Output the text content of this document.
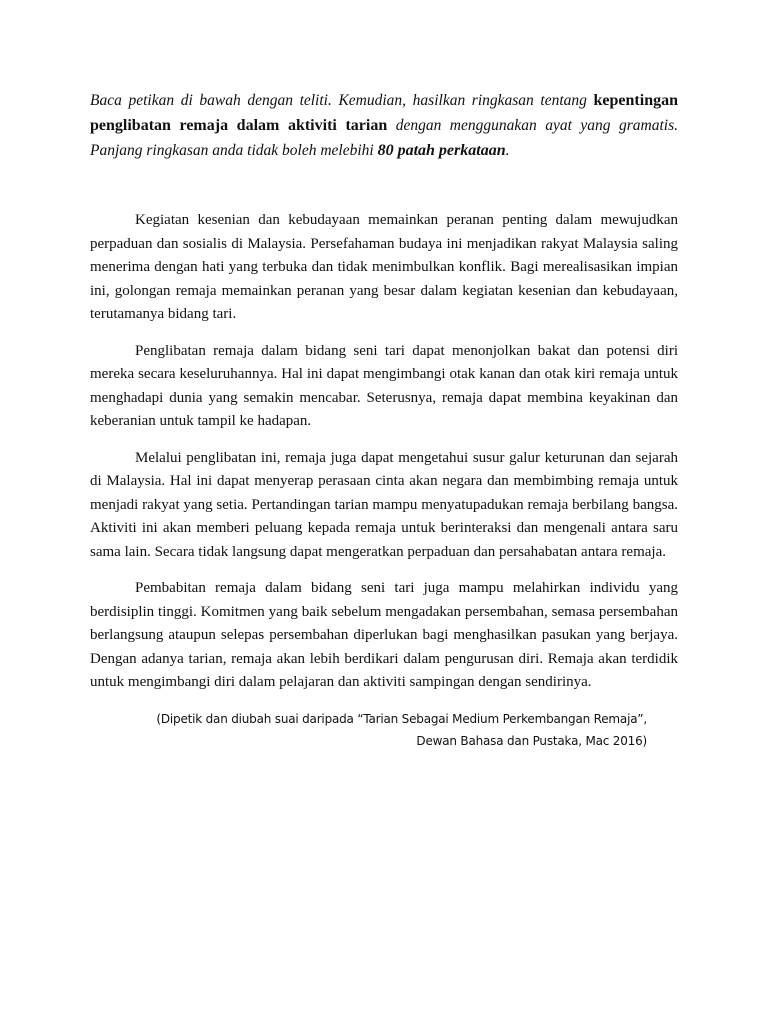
Baca petikan di bawah dengan teliti. Kemudian, hasilkan ringkasan tentang kepentingan penglibatan remaja dalam aktiviti tarian dengan menggunakan ayat yang gramatis. Panjang ringkasan anda tidak boleh melebihi 80 patah perkataan.

Kegiatan kesenian dan kebudayaan memainkan peranan penting dalam mewujudkan perpaduan dan sosialis di Malaysia. Persefahaman budaya ini menjadikan rakyat Malaysia saling menerima dengan hati yang terbuka dan tidak menimbulkan konflik. Bagi merealisasikan impian ini, golongan remaja memainkan peranan yang besar dalam kegiatan kesenian dan kebudayaan, terutamanya bidang tari.

Penglibatan remaja dalam bidang seni tari dapat menonjolkan bakat dan potensi diri mereka secara keseluruhannya. Hal ini dapat mengimbangi otak kanan dan otak kiri remaja untuk menghadapi dunia yang semakin mencabar. Seterusnya, remaja dapat membina keyakinan dan keberanian untuk tampil ke hadapan.

Melalui penglibatan ini, remaja juga dapat mengetahui susur galur keturunan dan sejarah di Malaysia. Hal ini dapat menyerap perasaan cinta akan negara dan membimbing remaja untuk menjadi rakyat yang setia. Pertandingan tarian mampu menyatupadukan remaja berbilang bangsa. Aktiviti ini akan memberi peluang kepada remaja untuk berinteraksi dan mengenali antara saru sama lain. Secara tidak langsung dapat mengeratkan perpaduan dan persahabatan antara remaja.

Pembabitan remaja dalam bidang seni tari juga mampu melahirkan individu yang berdisiplin tinggi. Komitmen yang baik sebelum mengadakan persembahan, semasa persembahan berlangsung ataupun selepas persembahan diperlukan bagi menghasilkan pasukan yang berjaya. Dengan adanya tarian, remaja akan lebih berdikari dalam pengurusan diri. Remaja akan terdidik untuk mengimbangi diri dalam pelajaran dan aktiviti sampingan dengan sendirinya.

(Dipetik dan diubah suai daripada “Tarian Sebagai Medium Perkembangan Remaja”,
Dewan Bahasa dan Pustaka, Mac 2016)
